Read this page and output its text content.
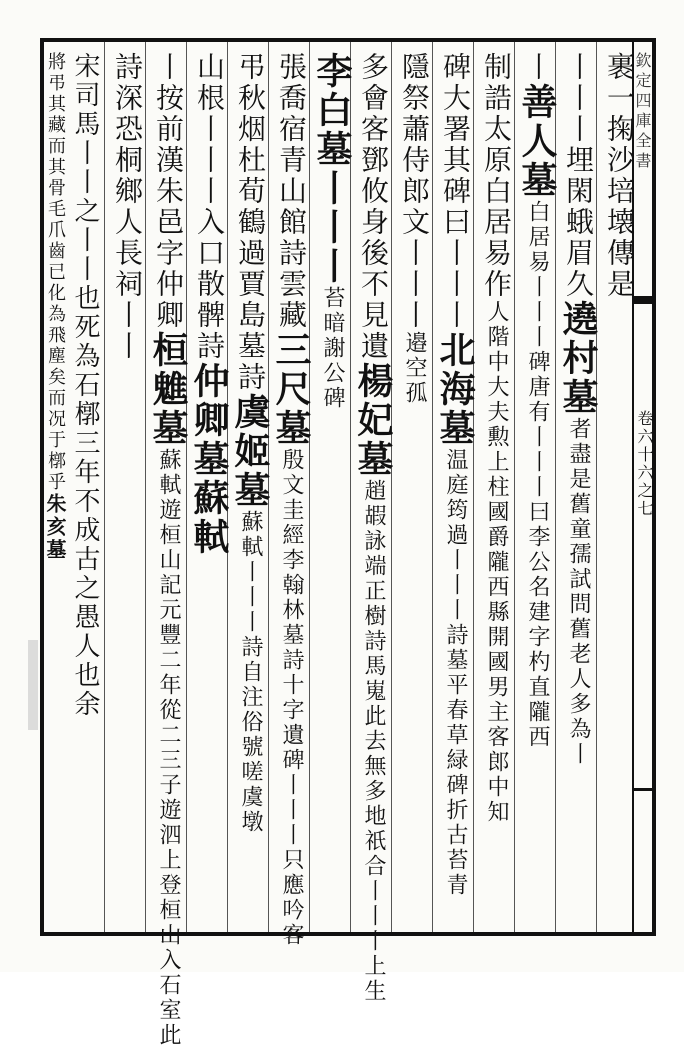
欽定四庫全書
卷六十六之七
裹一掬沙培壊傳是
丨丨丨埋閑蛾眉久遶村墓者盡是舊童孺試問舊老人多為丨
丨善人墓白居易丨丨丨碑唐有丨丨丨曰李公名建字杓直隴西
制誥太原白居易作人階中大夫勲上柱國爵隴西縣開國男主客郎中知
碑大署其碑曰丨丨丨北海墓温庭筠過丨丨丨詩墓平春草緑碑折古苔青
隱祭蕭侍郎文丨丨丨邉空孤
多會客鄧攸身後不見遺楊妃墓趙嘏詠端正樹詩馬嵬此去無多地祇合丨丨丨上生
李白墓丨丨丨苔暗謝公碑
張喬宿青山館詩雲藏三尺墓殷文圭經李翰林墓詩十字遺碑丨丨丨只應吟客
弔秋烟杜荀鶴過賈島墓詩虞姬墓蘇軾丨丨丨詩自注俗號嗟虞墩
山根丨丨丨入口散髀詩仲卿墓蘇軾
丨按前漢朱邑字仲卿桓魋墓蘇軾遊桓山記元豐二年從二三子遊泗上登桓山入石室此
詩深恐桐鄉人長祠丨丨
宋司馬丨丨之丨丨也死為石槨三年不成古之愚人也余
將弔其藏而其骨毛爪齒已化為飛塵矣而况于槨乎朱亥墓
